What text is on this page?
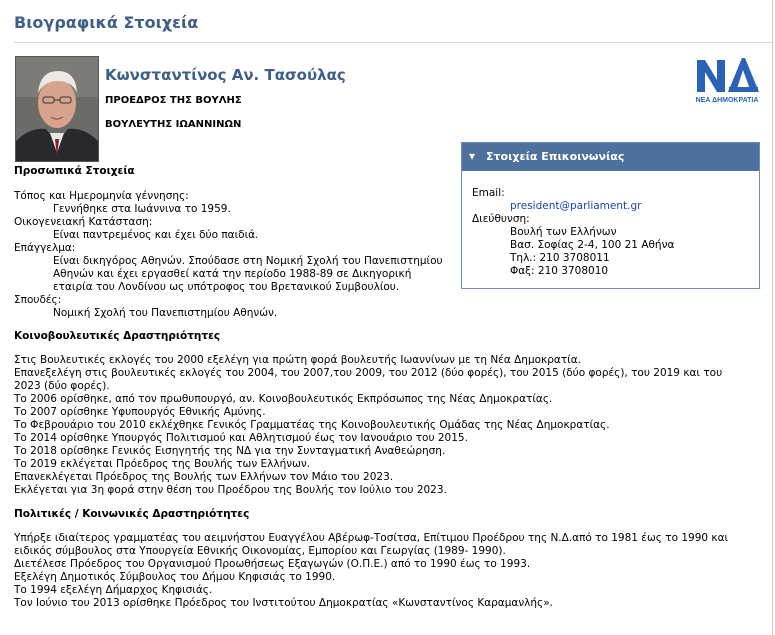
Βιογραφικά Στοιχεία
Κωνσταντίνος Αν. Τασούλας
ΠΡΟΕΔΡΟΣ ΤΗΣ ΒΟΥΛΗΣ
ΒΟΥΛΕΥΤΗΣ ΙΩΑΝΝΙΝΩΝ
ΝΕΑ ΔΗΜΟΚΡΑΤΙΑ
Προσωπικά Στοιχεία
Τόπος και Ημερομηνία γέννησης:
Γεννήθηκε στα Ιωάννινα το 1959.
Οικογενειακή Κατάσταση:
Είναι παντρεμένος και έχει δύο παιδιά.
Επάγγελμα:
Είναι δικηγόρος Αθηνών. Σπούδασε στη Νομική Σχολή του Πανεπιστημίου
Αθηνών και έχει εργασθεί κατά την περίοδο 1988-89 σε Δικηγορική
εταιρία του Λονδίνου ως υπότροφος του Βρετανικού Συμβουλίου.
Σπουδές:
Νομική Σχολή του Πανεπιστημίου Αθηνών.
▾ Στοιχεία Επικοινωνίας
Email:
president@parliament.gr
Διεύθυνση:
Βουλή των Ελλήνων
Βασ. Σοφίας 2-4, 100 21 Αθήνα
Τηλ.: 210 3708011
Φαξ: 210 3708010
Κοινοβουλευτικές Δραστηριότητες
Στις Βουλευτικές εκλογές του 2000 εξελέγη για πρώτη φορά βουλευτής Ιωαννίνων με τη Νέα Δημοκρατία.
Επανεξελέγη στις βουλευτικές εκλογές του 2004, του 2007,του 2009, του 2012 (δύο φορές), του 2015 (δύο φορές), του 2019 και του
2023 (δύο φορές).
Το 2006 ορίσθηκε, από τον πρωθυπουργό, αν. Κοινοβουλευτικός Εκπρόσωπος της Νέας Δημοκρατίας.
Το 2007 ορίσθηκε Υφυπουργός Εθνικής Αμύνης.
Το Φεβρουάριο του 2010 εκλέχθηκε Γενικός Γραμματέας της Κοινοβουλευτικής Ομάδας της Νέας Δημοκρατίας.
Το 2014 ορίσθηκε Υπουργός Πολιτισμού και Αθλητισμού έως τον Ιανουάριο του 2015.
Το 2018 ορίσθηκε Γενικός Εισηγητής της ΝΔ για την Συνταγματική Αναθεώρηση.
Το 2019 εκλέγεται Πρόεδρος της Βουλής των Ελλήνων.
Επανεκλέγεται Πρόεδρος της Βουλής των Ελλήνων τον Μάιο του 2023.
Εκλέγεται για 3η φορά στην θέση του Προέδρου της Βουλής τον Ιούλιο του 2023.
Πολιτικές / Κοινωνικές Δραστηριότητες
Υπήρξε ιδιαίτερος γραμματέας του αειμνήστου Ευαγγέλου Αβέρωφ-Τοσίτσα, Επίτιμου Προέδρου της Ν.Δ.από το 1981 έως το 1990 και
ειδικός σύμβουλος στα Υπουργεία Εθνικής Οικονομίας, Εμπορίου και Γεωργίας (1989- 1990).
Διετέλεσε Πρόεδρος του Οργανισμού Προωθήσεως Εξαγωγών (Ο.Π.Ε.) από το 1990 έως το 1993.
Εξελέγη Δημοτικός Σύμβουλος του Δήμου Κηφισιάς το 1990.
Το 1994 εξελέγη Δήμαρχος Κηφισιάς.
Τον Ιούνιο του 2013 ορίσθηκε Πρόεδρος του Ινστιτούτου Δημοκρατίας «Κωνσταντίνος Καραμανλής».
